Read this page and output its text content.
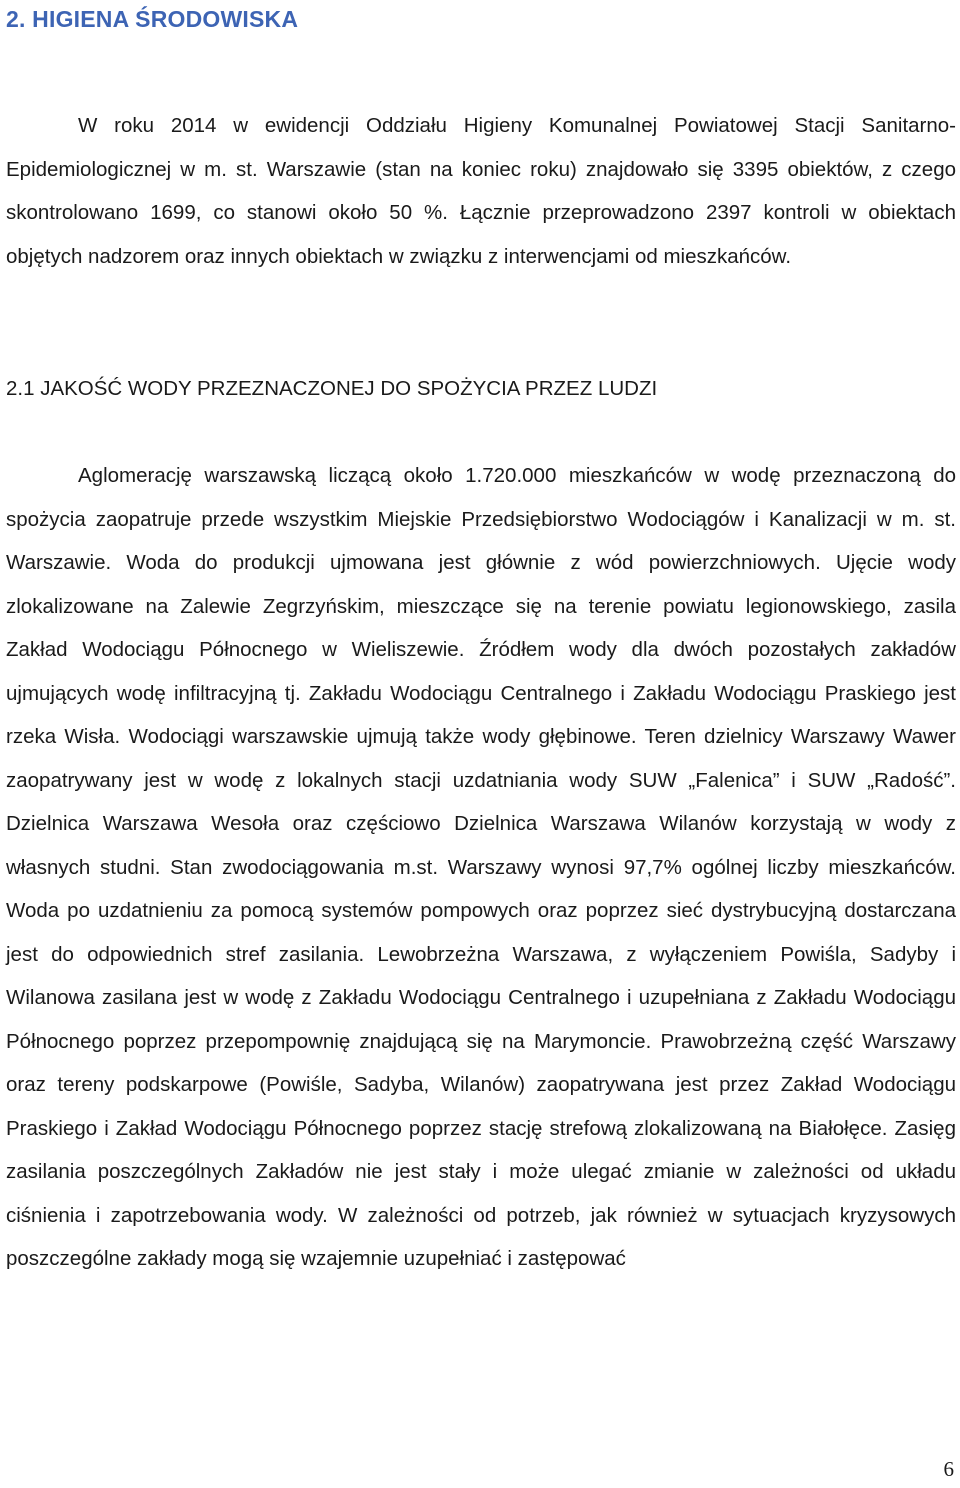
2. HIGIENA ŚRODOWISKA

W roku 2014 w ewidencji Oddziału Higieny Komunalnej Powiatowej Stacji Sanitarno-Epidemiologicznej w m. st. Warszawie (stan na koniec roku) znajdowało się 3395 obiektów, z czego skontrolowano 1699, co stanowi około 50 %. Łącznie przeprowadzono 2397 kontroli w obiektach objętych nadzorem oraz innych obiektach w związku z interwencjami od mieszkańców.

2.1 JAKOŚĆ WODY PRZEZNACZONEJ DO SPOŻYCIA PRZEZ LUDZI

Aglomerację warszawską liczącą około 1.720.000 mieszkańców w wodę przeznaczoną do spożycia zaopatruje przede wszystkim Miejskie Przedsiębiorstwo Wodociągów i Kanalizacji w m. st. Warszawie. Woda do produkcji ujmowana jest głównie z wód powierzchniowych. Ujęcie wody zlokalizowane na Zalewie Zegrzyńskim, mieszczące się na terenie powiatu legionowskiego, zasila Zakład Wodociągu Północnego w Wieliszewie. Źródłem wody dla dwóch pozostałych zakładów ujmujących wodę infiltracyjną tj. Zakładu Wodociągu Centralnego i Zakładu Wodociągu Praskiego jest rzeka Wisła. Wodociągi warszawskie ujmują także wody głębinowe. Teren dzielnicy Warszawy Wawer zaopatrywany jest w wodę z lokalnych stacji uzdatniania wody SUW „Falenica” i SUW „Radość”. Dzielnica Warszawa Wesoła oraz częściowo Dzielnica Warszawa Wilanów korzystają w wody z własnych studni. Stan zwodociągowania m.st. Warszawy wynosi 97,7% ogólnej liczby mieszkańców. Woda po uzdatnieniu za pomocą systemów pompowych oraz poprzez sieć dystrybucyjną dostarczana jest do odpowiednich stref zasilania. Lewobrzeżna Warszawa, z wyłączeniem Powiśla, Sadyby i Wilanowa zasilana jest w wodę z Zakładu Wodociągu Centralnego i uzupełniana z Zakładu Wodociągu Północnego poprzez przepompownię znajdującą się na Marymoncie. Prawobrzeżną część Warszawy oraz tereny podskarpowe (Powiśle, Sadyba, Wilanów) zaopatrywana jest przez Zakład Wodociągu Praskiego i Zakład Wodociągu Północnego poprzez stację strefową zlokalizowaną na Białołęce. Zasięg zasilania poszczególnych Zakładów nie jest stały i może ulegać zmianie w zależności od układu ciśnienia i zapotrzebowania wody. W zależności od potrzeb, jak również w sytuacjach kryzysowych poszczególne zakłady mogą się wzajemnie uzupełniać i zastępować

6
